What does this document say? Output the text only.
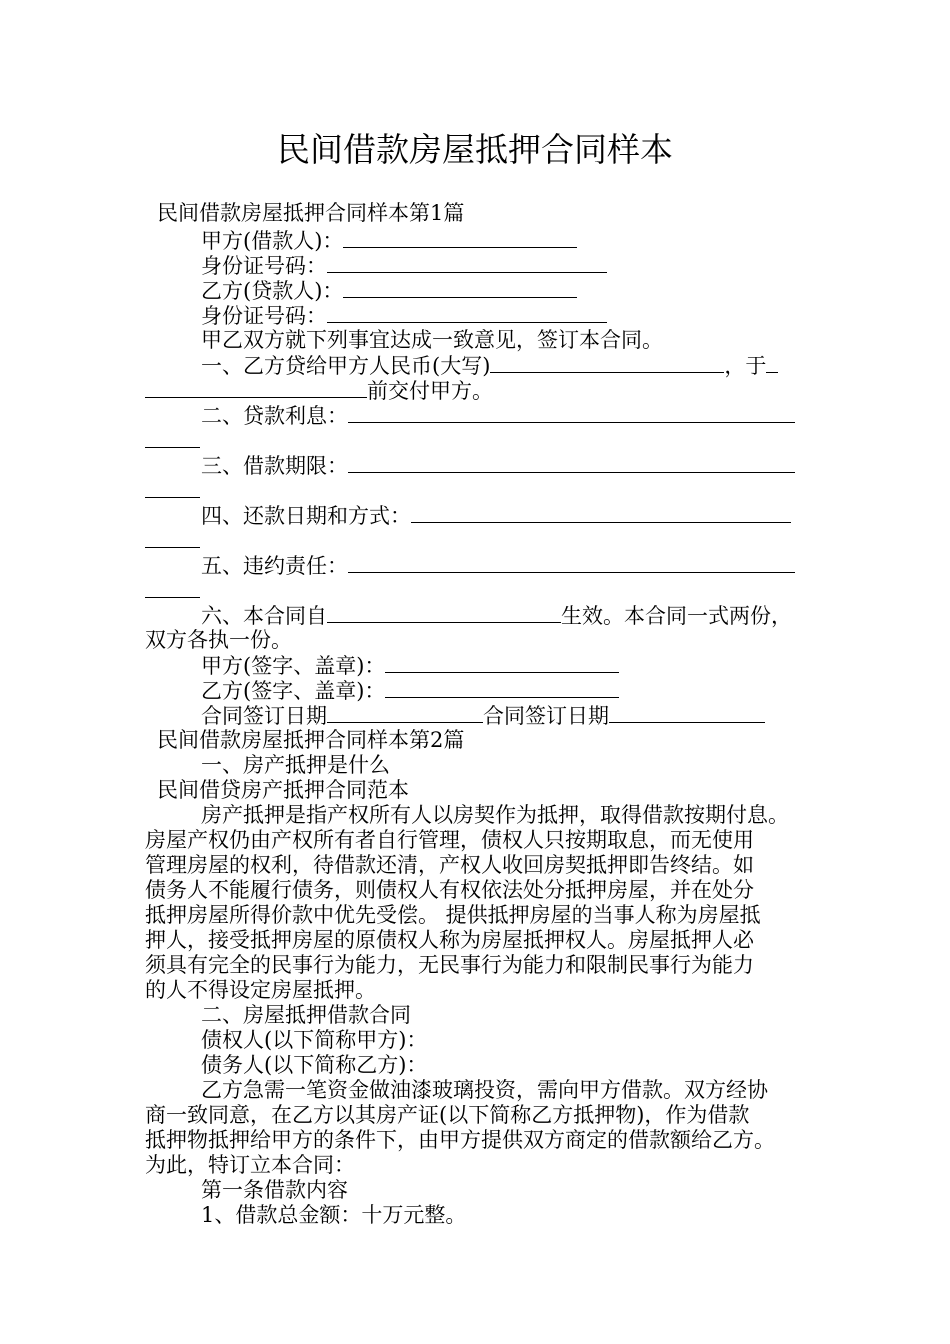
民间借款房屋抵押合同样本
民间借款房屋抵押合同样本第1篇
甲方(借款人)：
身份证号码：
乙方(贷款人)：
身份证号码：
甲乙双方就下列事宜达成一致意见，签订本合同。
一、乙方贷给甲方人民币(大写)	，于
前交付甲方。
二、贷款利息：
三、借款期限：
四、还款日期和方式：
五、违约责任：
六、本合同自	生效。本合同一式两份，
双方各执一份。
甲方(签字、盖章)：
乙方(签字、盖章)：
合同签订日期	合同签订日期
民间借款房屋抵押合同样本第2篇
一、房产抵押是什么
民间借贷房产抵押合同范本
房产抵押是指产权所有人以房契作为抵押，取得借款按期付息。
房屋产权仍由产权所有者自行管理，债权人只按期取息，而无使用
管理房屋的权利，待借款还清，产权人收回房契抵押即告终结。如
债务人不能履行债务，则债权人有权依法处分抵押房屋，并在处分
抵押房屋所得价款中优先受偿。 提供抵押房屋的当事人称为房屋抵
押人，接受抵押房屋的原债权人称为房屋抵押权人。房屋抵押人必
须具有完全的民事行为能力，无民事行为能力和限制民事行为能力
的人不得设定房屋抵押。
二、房屋抵押借款合同
债权人(以下简称甲方)：
债务人(以下简称乙方)：
乙方急需一笔资金做油漆玻璃投资，需向甲方借款。双方经协
商一致同意，在乙方以其房产证(以下简称乙方抵押物)，作为借款
抵押物抵押给甲方的条件下，由甲方提供双方商定的借款额给乙方。
为此，特订立本合同：
第一条借款内容
1、借款总金额：十万元整。
